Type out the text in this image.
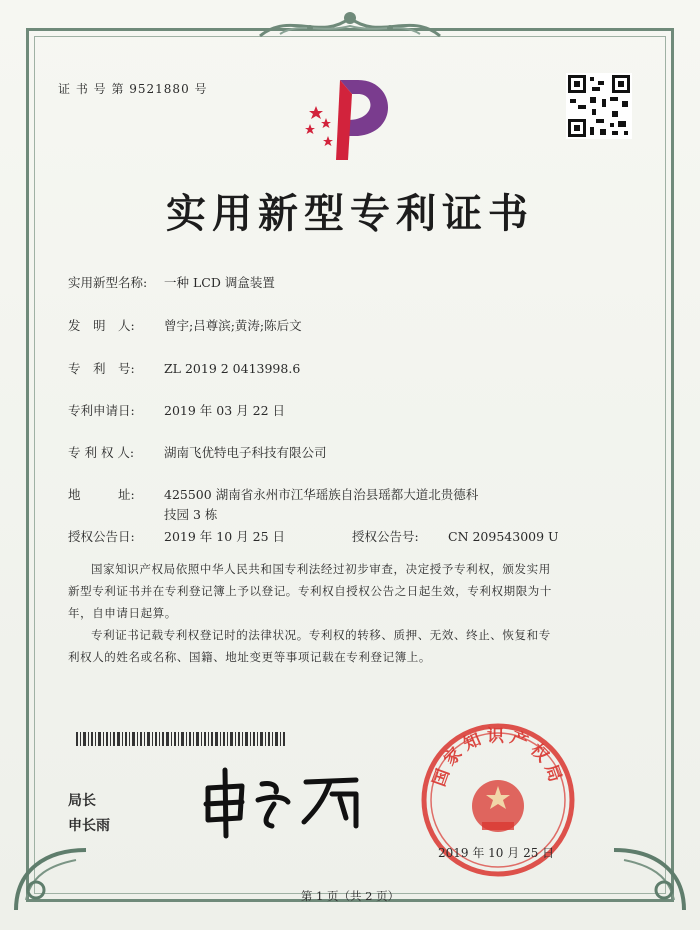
证 书 号 第 9521880 号
实用新型专利证书
实用新型名称: 一种 LCD 调盒装置
发　明　人: 曾宇;吕尊滨;黄涛;陈后文
专　利　号: ZL 2019 2 0413998.6
专利申请日: 2019 年 03 月 22 日
专 利 权 人: 湖南飞优特电子科技有限公司
地　　　址: 425500 湖南省永州市江华瑶族自治县瑶都大道北贵德科
技园 3 栋
授权公告日: 2019 年 10 月 25 日	授权公告号: CN 209543009 U
国家知识产权局依照中华人民共和国专利法经过初步审查，决定授予专利权，颁发实用
新型专利证书并在专利登记簿上予以登记。专利权自授权公告之日起生效，专利权期限为十
年，自申请日起算。
专利证书记载专利权登记时的法律状况。专利权的转移、质押、无效、终止、恢复和专
利权人的姓名或名称、国籍、地址变更等事项记载在专利登记簿上。
局长
申长雨
国家知识产权局
2019 年 10 月 25 日
第 1 页（共 2 页）
